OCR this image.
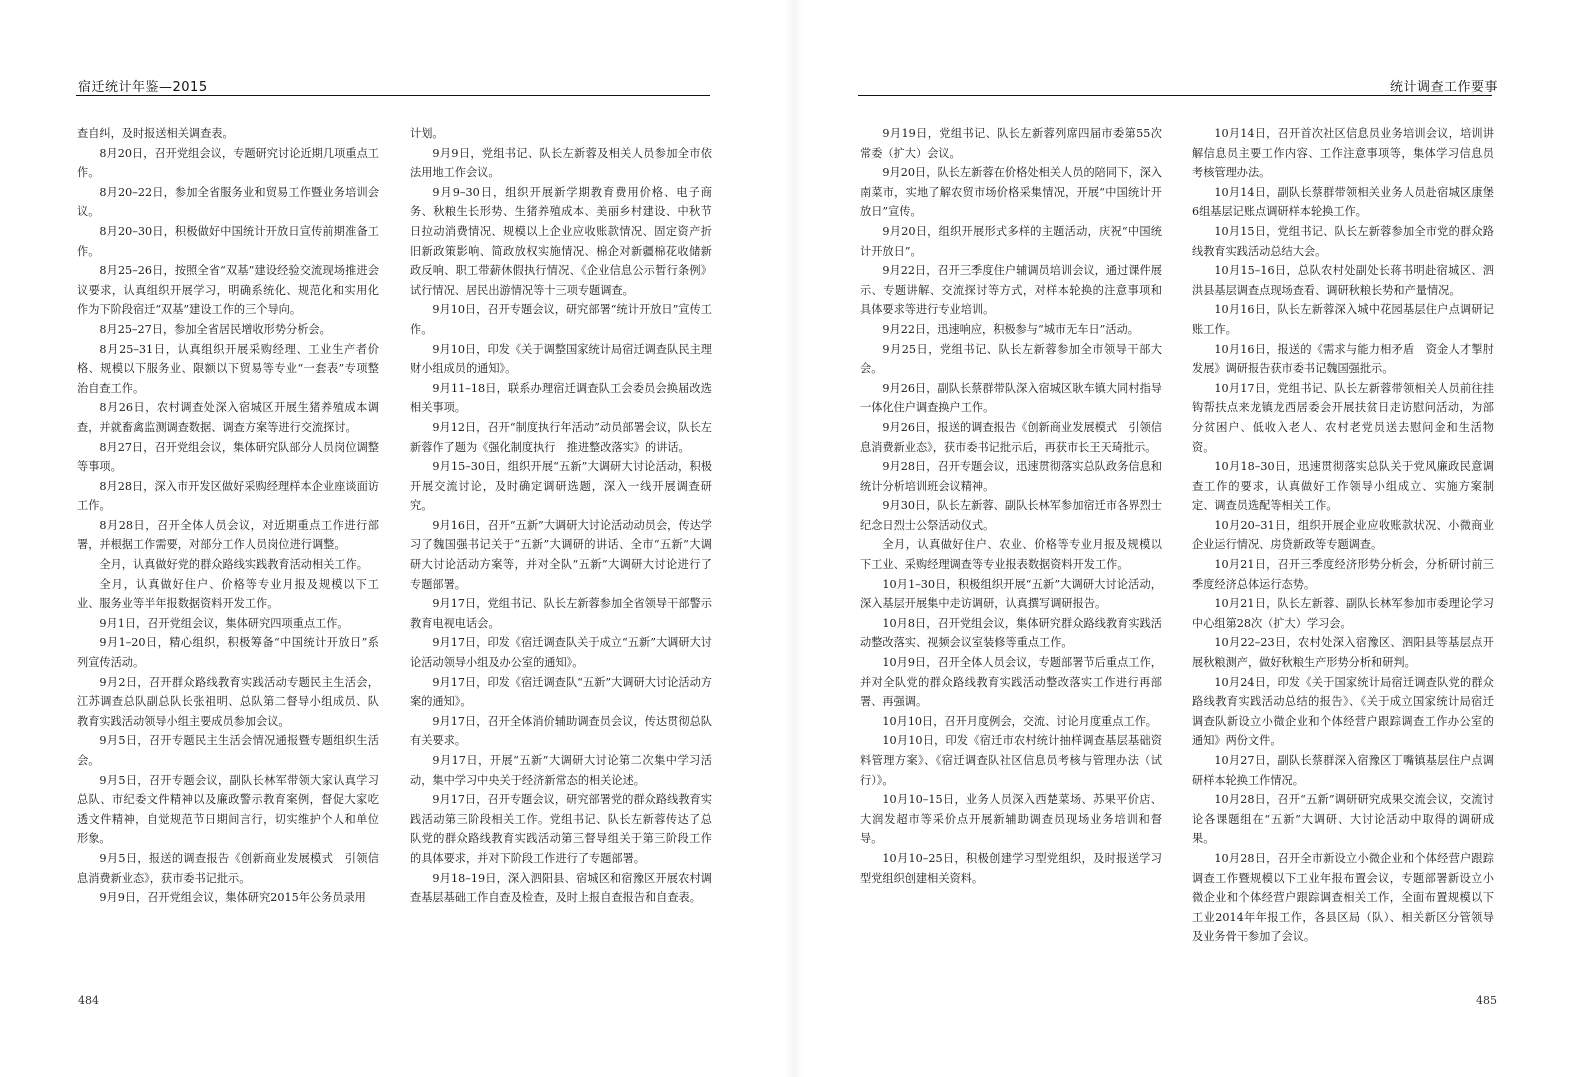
宿迁统计年鉴—2015

查自纠，及时报送相关调查表。

8月20日，召开党组会议，专题研究讨论近期几项重点工作。

8月20–22日，参加全省服务业和贸易工作暨业务培训会议。

8月20–30日，积极做好中国统计开放日宣传前期准备工作。

8月25–26日，按照全省“双基”建设经验交流现场推进会议要求，认真组织开展学习，明确系统化、规范化和实用化作为下阶段宿迁“双基”建设工作的三个导向。

8月25–27日，参加全省居民增收形势分析会。

8月25–31日，认真组织开展采购经理、工业生产者价格、规模以下服务业、限额以下贸易等专业“一套表”专项整治自查工作。

8月26日，农村调查处深入宿城区开展生猪养殖成本调查，并就畜禽监测调查数据、调查方案等进行交流探讨。

8月27日，召开党组会议，集体研究队部分人员岗位调整等事项。

8月28日，深入市开发区做好采购经理样本企业座谈面访工作。

8月28日，召开全体人员会议，对近期重点工作进行部署，并根据工作需要，对部分工作人员岗位进行调整。

全月，认真做好党的群众路线实践教育活动相关工作。

全月，认真做好住户、价格等专业月报及规模以下工业、服务业等半年报数据资料开发工作。

9月1日，召开党组会议，集体研究四项重点工作。

9月1–20日，精心组织，积极筹备“中国统计开放日”系列宣传活动。

9月2日，召开群众路线教育实践活动专题民主生活会，江苏调查总队副总队长张祖明、总队第二督导小组成员、队教育实践活动领导小组主要成员参加会议。

9月5日，召开专题民主生活会情况通报暨专题组织生活会。

9月5日，召开专题会议，副队长林军带领大家认真学习总队、市纪委文件精神以及廉政警示教育案例，督促大家吃透文件精神，自觉规范节日期间言行，切实维护个人和单位形象。

9月5日，报送的调查报告《创新商业发展模式　引领信息消费新业态》，获市委书记批示。

9月9日，召开党组会议，集体研究2015年公务员录用

计划。

9月9日，党组书记、队长左新蓉及相关人员参加全市依法用地工作会议。

9月9–30日，组织开展新学期教育费用价格、电子商务、秋粮生长形势、生猪养殖成本、美丽乡村建设、中秋节日拉动消费情况、规模以上企业应收账款情况、固定资产折旧新政策影响、简政放权实施情况、棉企对新疆棉花收储新政反响、职工带薪休假执行情况、《企业信息公示暂行条例》试行情况、居民出游情况等十三项专题调查。

9月10日，召开专题会议，研究部署“统计开放日”宣传工作。

9月10日，印发《关于调整国家统计局宿迁调查队民主理财小组成员的通知》。

9月11–18日，联系办理宿迁调查队工会委员会换届改选相关事项。

9月12日，召开“制度执行年活动”动员部署会议，队长左新蓉作了题为《强化制度执行　推进整改落实》的讲话。

9月15–30日，组织开展“五新”大调研大讨论活动，积极开展交流讨论，及时确定调研选题，深入一线开展调查研究。

9月16日，召开“五新”大调研大讨论活动动员会，传达学习了魏国强书记关于“五新”大调研的讲话、全市“五新”大调研大讨论活动方案等，并对全队“五新”大调研大讨论进行了专题部署。

9月17日，党组书记、队长左新蓉参加全省领导干部警示教育电视电话会。

9月17日，印发《宿迁调查队关于成立“五新”大调研大讨论活动领导小组及办公室的通知》。

9月17日，印发《宿迁调查队“五新”大调研大讨论活动方案的通知》。

9月17日，召开全体消价辅助调查员会议，传达贯彻总队有关要求。

9月17日，开展“五新”大调研大讨论第二次集中学习活动，集中学习中央关于经济新常态的相关论述。

9月17日，召开专题会议，研究部署党的群众路线教育实践活动第三阶段相关工作。党组书记、队长左新蓉传达了总队党的群众路线教育实践活动第三督导组关于第三阶段工作的具体要求，并对下阶段工作进行了专题部署。

9月18–19日，深入泗阳县、宿城区和宿豫区开展农村调查基层基础工作自查及检查，及时上报自查报告和自查表。

484
统计调查工作要事

9月19日，党组书记、队长左新蓉列席四届市委第55次常委（扩大）会议。

9月20日，队长左新蓉在价格处相关人员的陪同下，深入南菜市，实地了解农贸市场价格采集情况，开展“中国统计开放日”宣传。

9月20日，组织开展形式多样的主题活动，庆祝“中国统计开放日”。

9月22日，召开三季度住户辅调员培训会议，通过课件展示、专题讲解、交流探讨等方式，对样本轮换的注意事项和具体要求等进行专业培训。

9月22日，迅速响应，积极参与“城市无车日”活动。

9月25日，党组书记、队长左新蓉参加全市领导干部大会。

9月26日，副队长蔡群带队深入宿城区耿车镇大同村指导一体化住户调查换户工作。

9月26日，报送的调查报告《创新商业发展模式　引领信息消费新业态》，获市委书记批示后，再获市长王天琦批示。

9月28日，召开专题会议，迅速贯彻落实总队政务信息和统计分析培训班会议精神。

9月30日，队长左新蓉、副队长林军参加宿迁市各界烈士纪念日烈士公祭活动仪式。

全月，认真做好住户、农业、价格等专业月报及规模以下工业、采购经理调查等专业报表数据资料开发工作。

10月1–30日，积极组织开展“五新”大调研大讨论活动，深入基层开展集中走访调研，认真撰写调研报告。

10月8日，召开党组会议，集体研究群众路线教育实践活动整改落实、视频会议室装修等重点工作。

10月9日，召开全体人员会议，专题部署节后重点工作，并对全队党的群众路线教育实践活动整改落实工作进行再部署、再强调。

10月10日，召开月度例会，交流、讨论月度重点工作。

10月10日，印发《宿迁市农村统计抽样调查基层基础资料管理方案》、《宿迁调查队社区信息员考核与管理办法（试行）》。

10月10–15日，业务人员深入西楚菜场、苏果平价店、大润发超市等采价点开展新辅助调查员现场业务培训和督导。

10月10–25日，积极创建学习型党组织，及时报送学习型党组织创建相关资料。

10月14日，召开首次社区信息员业务培训会议，培训讲解信息员主要工作内容、工作注意事项等，集体学习信息员考核管理办法。

10月14日，副队长蔡群带领相关业务人员赴宿城区康堡6组基层记账点调研样本轮换工作。

10月15日，党组书记、队长左新蓉参加全市党的群众路线教育实践活动总结大会。

10月15–16日，总队农村处副处长蒋书明赴宿城区、泗洪县基层调查点现场查看、调研秋粮长势和产量情况。

10月16日，队长左新蓉深入城中花园基层住户点调研记账工作。

10月16日，报送的《需求与能力相矛盾　资金人才掣肘发展》调研报告获市委书记魏国强批示。

10月17日，党组书记、队长左新蓉带领相关人员前往挂钩帮扶点来龙镇龙西居委会开展扶贫日走访慰问活动，为部分贫困户、低收入老人、农村老党员送去慰问金和生活物资。

10月18–30日，迅速贯彻落实总队关于党风廉政民意调查工作的要求，认真做好工作领导小组成立、实施方案制定、调查员选配等相关工作。

10月20–31日，组织开展企业应收账款状况、小微商业企业运行情况、房贷新政等专题调查。

10月21日，召开三季度经济形势分析会，分析研讨前三季度经济总体运行态势。

10月21日，队长左新蓉、副队长林军参加市委理论学习中心组第28次（扩大）学习会。

10月22–23日，农村处深入宿豫区、泗阳县等基层点开展秋粮测产，做好秋粮生产形势分析和研判。

10月24日，印发《关于国家统计局宿迁调查队党的群众路线教育实践活动总结的报告》、《关于成立国家统计局宿迁调查队新设立小微企业和个体经营户跟踪调查工作办公室的通知》两份文件。

10月27日，副队长蔡群深入宿豫区丁嘴镇基层住户点调研样本轮换工作情况。

10月28日，召开“五新”调研研究成果交流会议，交流讨论各课题组在“五新”大调研、大讨论活动中取得的调研成果。

10月28日，召开全市新设立小微企业和个体经营户跟踪调查工作暨规模以下工业年报布置会议，专题部署新设立小微企业和个体经营户跟踪调查相关工作，全面布置规模以下工业2014年年报工作，各县区局（队）、相关新区分管领导及业务骨干参加了会议。

485
